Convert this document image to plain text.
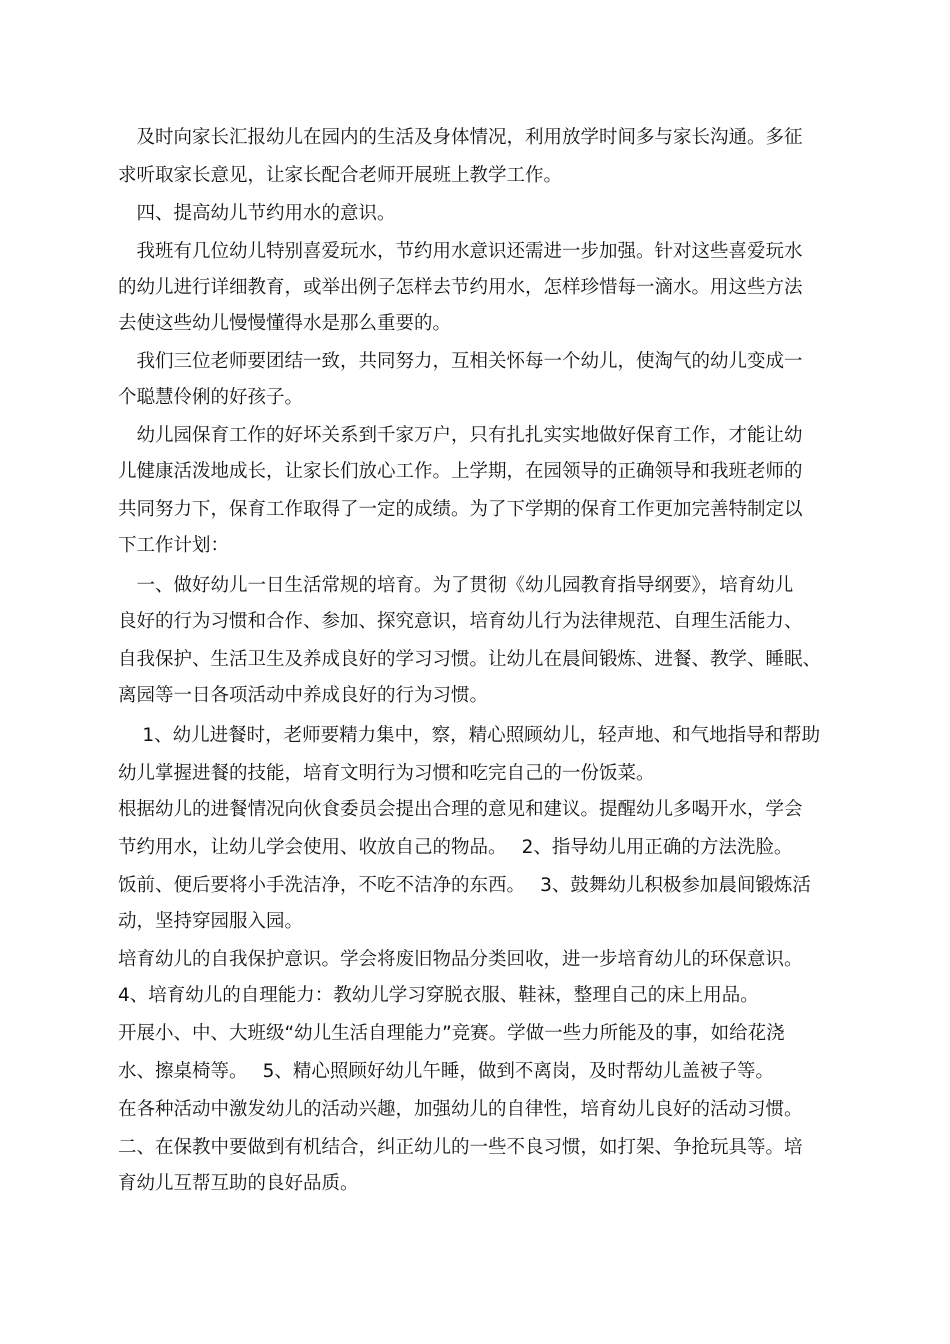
　及时向家长汇报幼儿在园内的生活及身体情况，利用放学时间多与家长沟通。多征
求听取家长意见，让家长配合老师开展班上教学工作。
　四、提高幼儿节约用水的意识。
　我班有几位幼儿特别喜爱玩水，节约用水意识还需进一步加强。针对这些喜爱玩水
的幼儿进行详细教育，或举出例子怎样去节约用水，怎样珍惜每一滴水。用这些方法
去使这些幼儿慢慢懂得水是那么重要的。
　我们三位老师要团结一致，共同努力，互相关怀每一个幼儿，使淘气的幼儿变成一
个聪慧伶俐的好孩子。
　幼儿园保育工作的好坏关系到千家万户，只有扎扎实实地做好保育工作，才能让幼
儿健康活泼地成长，让家长们放心工作。上学期，在园领导的正确领导和我班老师的
共同努力下，保育工作取得了一定的成绩。为了下学期的保育工作更加完善特制定以
下工作计划：
　一、做好幼儿一日生活常规的培育。为了贯彻《幼儿园教育指导纲要》，培育幼儿
良好的行为习惯和合作、参加、探究意识，培育幼儿行为法律规范、自理生活能力、
自我保护、生活卫生及养成良好的学习习惯。让幼儿在晨间锻炼、进餐、教学、睡眠、
离园等一日各项活动中养成良好的行为习惯。
　 1、幼儿进餐时，老师要精力集中，察，精心照顾幼儿，轻声地、和气地指导和帮助
幼儿掌握进餐的技能，培育文明行为习惯和吃完自己的一份饭菜。
根据幼儿的进餐情况向伙食委员会提出合理的意见和建议。提醒幼儿多喝开水，学会
节约用水，让幼儿学会使用、收放自己的物品。　 2、指导幼儿用正确的方法洗脸。
饭前、便后要将小手洗洁净，不吃不洁净的东西。　 3、鼓舞幼儿积极参加晨间锻炼活
动，坚持穿园服入园。
培育幼儿的自我保护意识。学会将废旧物品分类回收，进一步培育幼儿的环保意识。
4、培育幼儿的自理能力：教幼儿学习穿脱衣服、鞋袜，整理自己的床上用品。
开展小、中、大班级“幼儿生活自理能力”竞赛。学做一些力所能及的事，如给花浇
水、擦桌椅等。　 5、精心照顾好幼儿午睡，做到不离岗，及时帮幼儿盖被子等。
在各种活动中激发幼儿的活动兴趣，加强幼儿的自律性，培育幼儿良好的活动习惯。
二、在保教中要做到有机结合，纠正幼儿的一些不良习惯，如打架、争抢玩具等。培
育幼儿互帮互助的良好品质。
